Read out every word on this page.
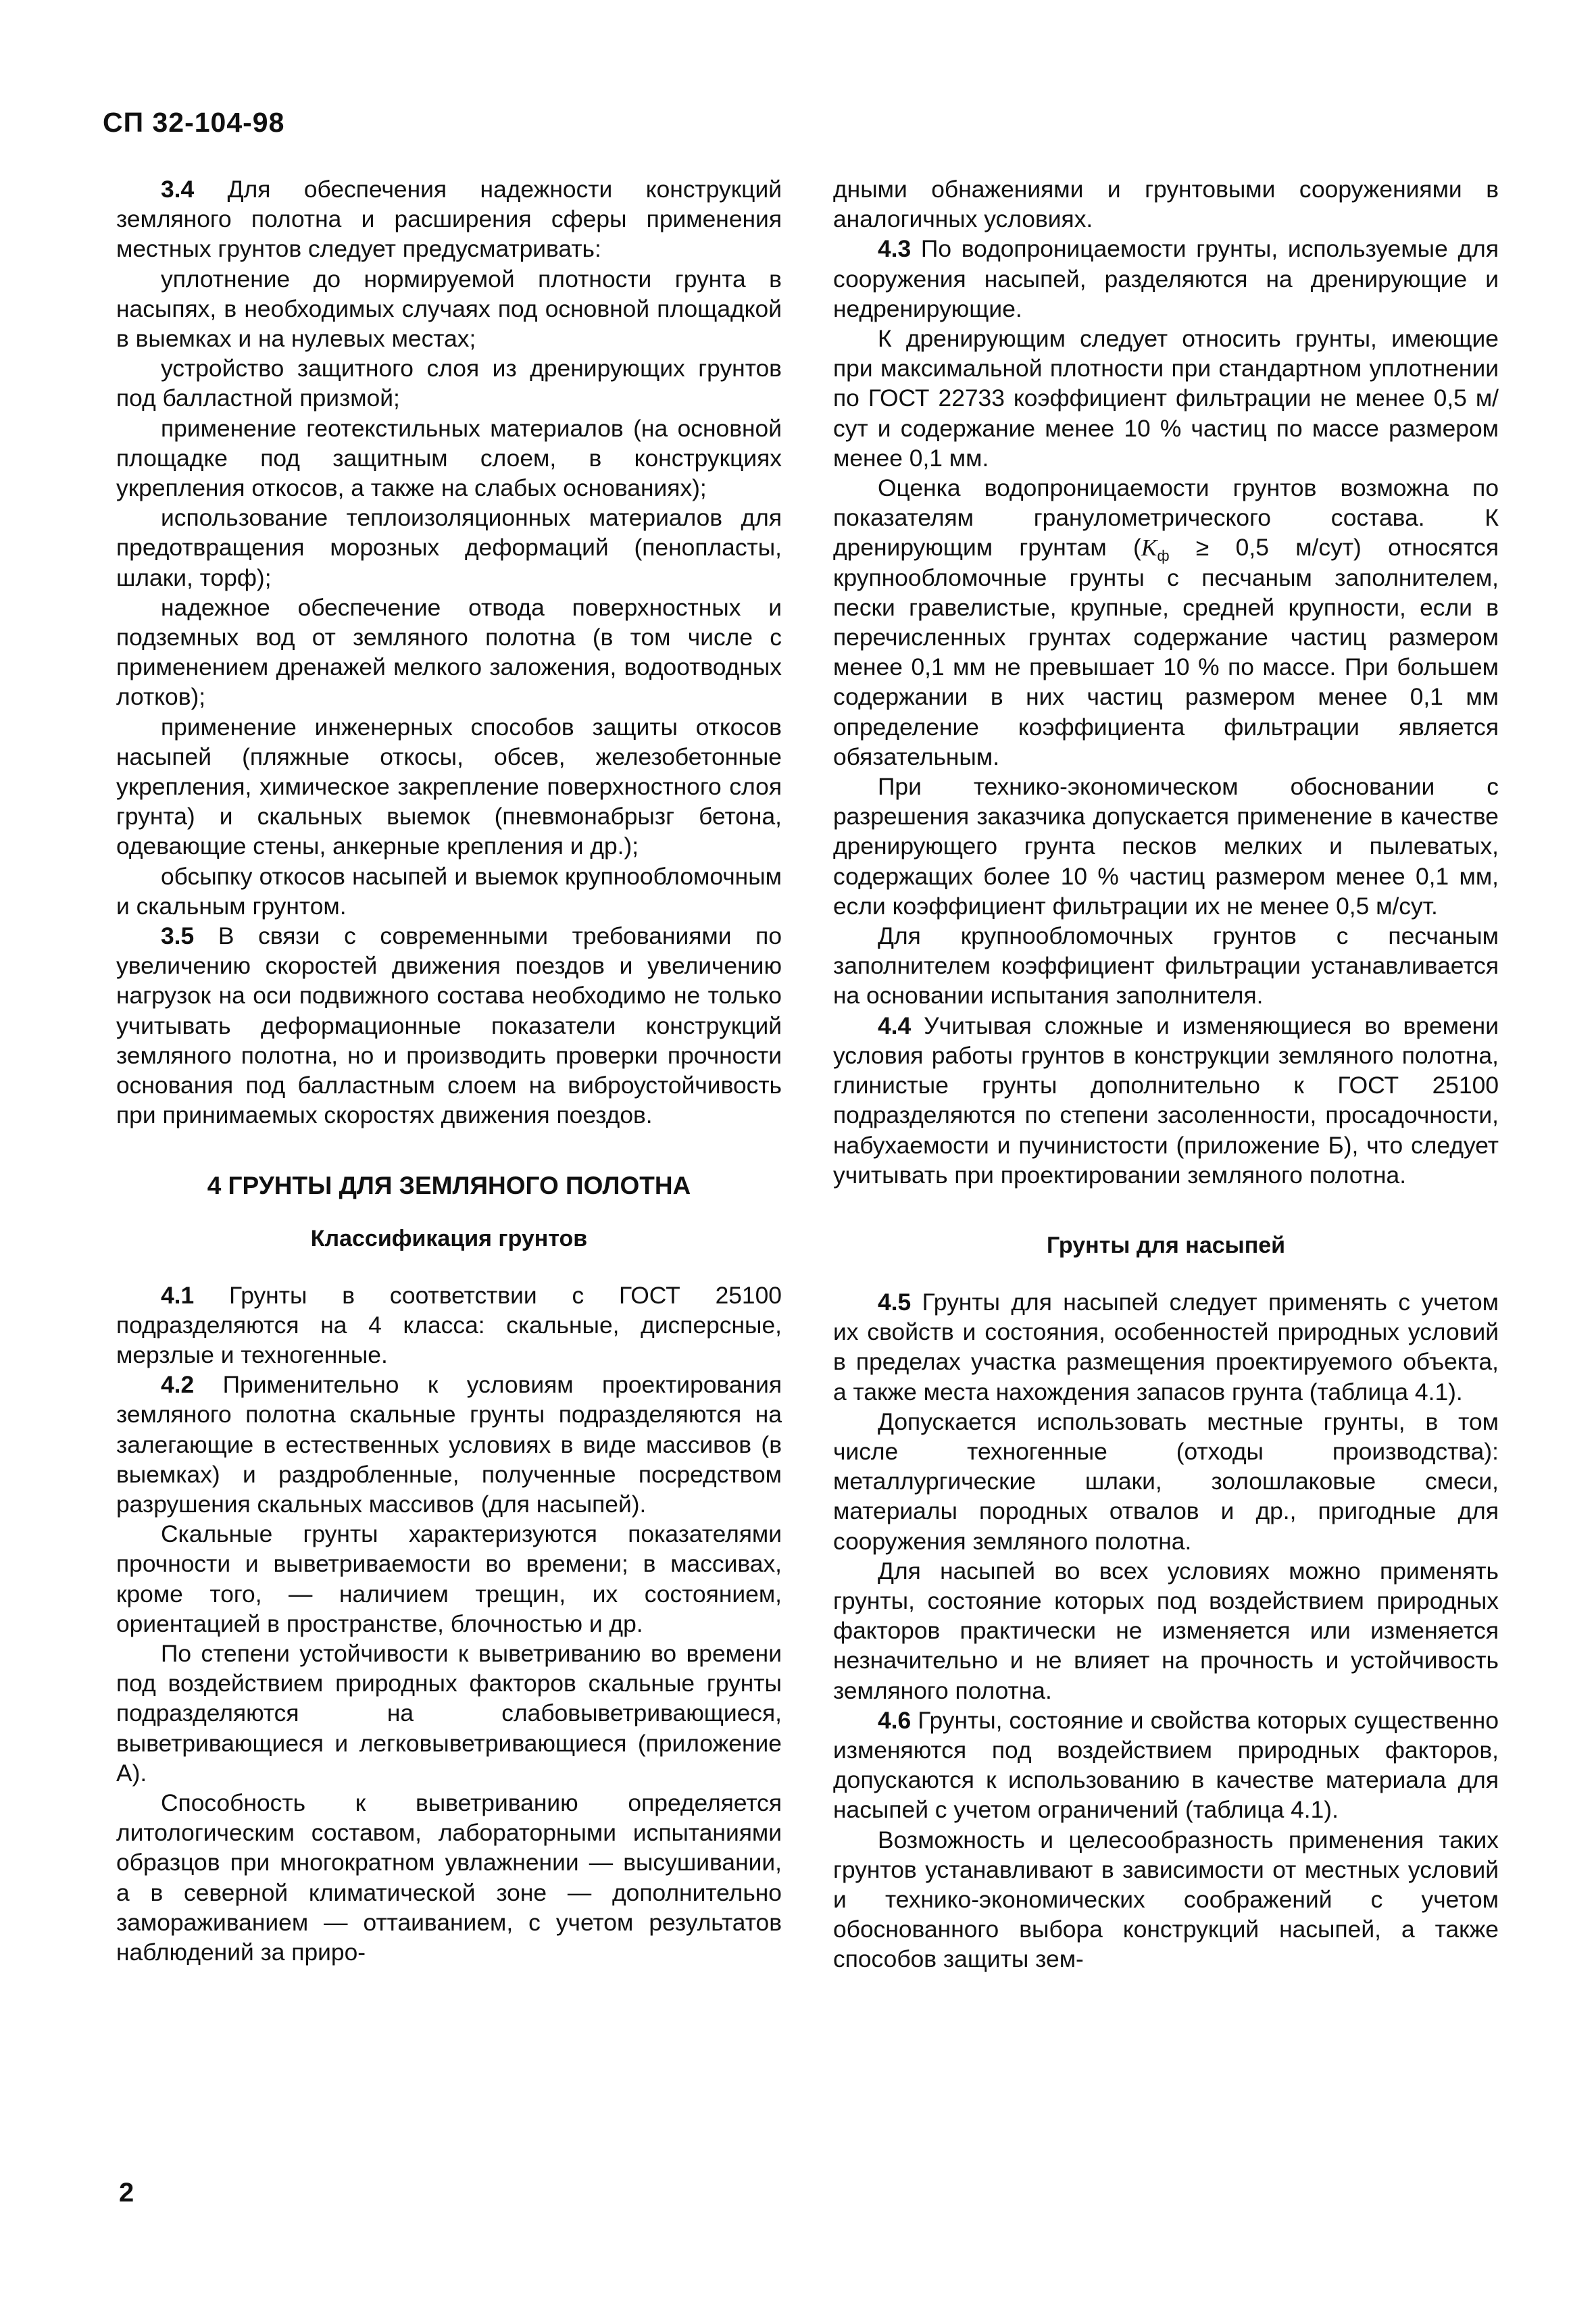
СП 32-104-98

3.4 Для обеспечения надежности конструкций земляного полотна и расширения сферы применения местных грунтов следует предусматривать:

уплотнение до нормируемой плотности грунта в насыпях, в необходимых случаях под основной площадкой в выемках и на нулевых местах;

устройство защитного слоя из дренирующих грунтов под балластной призмой;

применение геотекстильных материалов (на основной площадке под защитным слоем, в конструкциях укрепления откосов, а также на слабых основаниях);

использование теплоизоляционных материалов для предотвращения морозных деформаций (пенопласты, шлаки, торф);

надежное обеспечение отвода поверхностных и подземных вод от земляного полотна (в том числе с применением дренажей мелкого заложения, водоотводных лотков);

применение инженерных способов защиты откосов насыпей (пляжные откосы, обсев, железобетонные укрепления, химическое закрепление поверхностного слоя грунта) и скальных выемок (пневмонабрызг бетона, одевающие стены, анкерные крепления и др.);

обсыпку откосов насыпей и выемок крупнообломочным и скальным грунтом.

3.5 В связи с современными требованиями по увеличению скоростей движения поездов и увеличению нагрузок на оси подвижного состава необходимо не только учитывать деформационные показатели конструкций земляного полотна, но и производить проверки прочности основания под балластным слоем на виброустойчивость при принимаемых скоростях движения поездов.

4 ГРУНТЫ ДЛЯ ЗЕМЛЯНОГО ПОЛОТНА
Классификация грунтов

4.1 Грунты в соответствии с ГОСТ 25100 подразделяются на 4 класса: скальные, дисперсные, мерзлые и техногенные.

4.2 Применительно к условиям проектирования земляного полотна скальные грунты подразделяются на залегающие в естественных условиях в виде массивов (в выемках) и раздробленные, полученные посредством разрушения скальных массивов (для насыпей).

Скальные грунты характеризуются показателями прочности и выветриваемости во времени; в массивах, кроме того, — наличием трещин, их состоянием, ориентацией в пространстве, блочностью и др.

По степени устойчивости к выветриванию во времени под воздействием природных факторов скальные грунты подразделяются на слабовыветривающиеся, выветривающиеся и легковыветривающиеся (приложение А).

Способность к выветриванию определяется литологическим составом, лабораторными испытаниями образцов при многократном увлажнении — высушивании, а в северной климатической зоне — дополнительно замораживанием — оттаиванием, с учетом результатов наблюдений за приро-

дными обнажениями и грунтовыми сооружениями в аналогичных условиях.

4.3 По водопроницаемости грунты, используемые для сооружения насыпей, разделяются на дренирующие и недренирующие.

К дренирующим следует относить грунты, имеющие при максимальной плотности при стандартном уплотнении по ГОСТ 22733 коэффициент фильтрации не менее 0,5 м/сут и содержание менее 10 % частиц по массе размером менее 0,1 мм.

Оценка водопроницаемости грунтов возможна по показателям гранулометрического состава. К дренирующим грунтам ($K_ф \ge 0,5$ м/сут) относятся крупнообломочные грунты с песчаным заполнителем, пески гравелистые, крупные, средней крупности, если в перечисленных грунтах содержание частиц размером менее 0,1 мм не превышает 10 % по массе. При большем содержании в них частиц размером менее 0,1 мм определение коэффициента фильтрации является обязательным.

При технико-экономическом обосновании с разрешения заказчика допускается применение в качестве дренирующего грунта песков мелких и пылеватых, содержащих более 10 % частиц размером менее 0,1 мм, если коэффициент фильтрации их не менее 0,5 м/сут.

Для крупнообломочных грунтов с песчаным заполнителем коэффициент фильтрации устанавливается на основании испытания заполнителя.

4.4 Учитывая сложные и изменяющиеся во времени условия работы грунтов в конструкции земляного полотна, глинистые грунты дополнительно к ГОСТ 25100 подразделяются по степени засоленности, просадочности, набухаемости и пучинистости (приложение Б), что следует учитывать при проектировании земляного полотна.

Грунты для насыпей

4.5 Грунты для насыпей следует применять с учетом их свойств и состояния, особенностей природных условий в пределах участка размещения проектируемого объекта, а также места нахождения запасов грунта (таблица 4.1).

Допускается использовать местные грунты, в том числе техногенные (отходы производства): металлургические шлаки, золошлаковые смеси, материалы породных отвалов и др., пригодные для сооружения земляного полотна.

Для насыпей во всех условиях можно применять грунты, состояние которых под воздействием природных факторов практически не изменяется или изменяется незначительно и не влияет на прочность и устойчивость земляного полотна.

4.6 Грунты, состояние и свойства которых существенно изменяются под воздействием природных факторов, допускаются к использованию в качестве материала для насыпей с учетом ограничений (таблица 4.1).

Возможность и целесообразность применения таких грунтов устанавливают в зависимости от местных условий и технико-экономических соображений с учетом обоснованного выбора конструкций насыпей, а также способов защиты зем-

2
